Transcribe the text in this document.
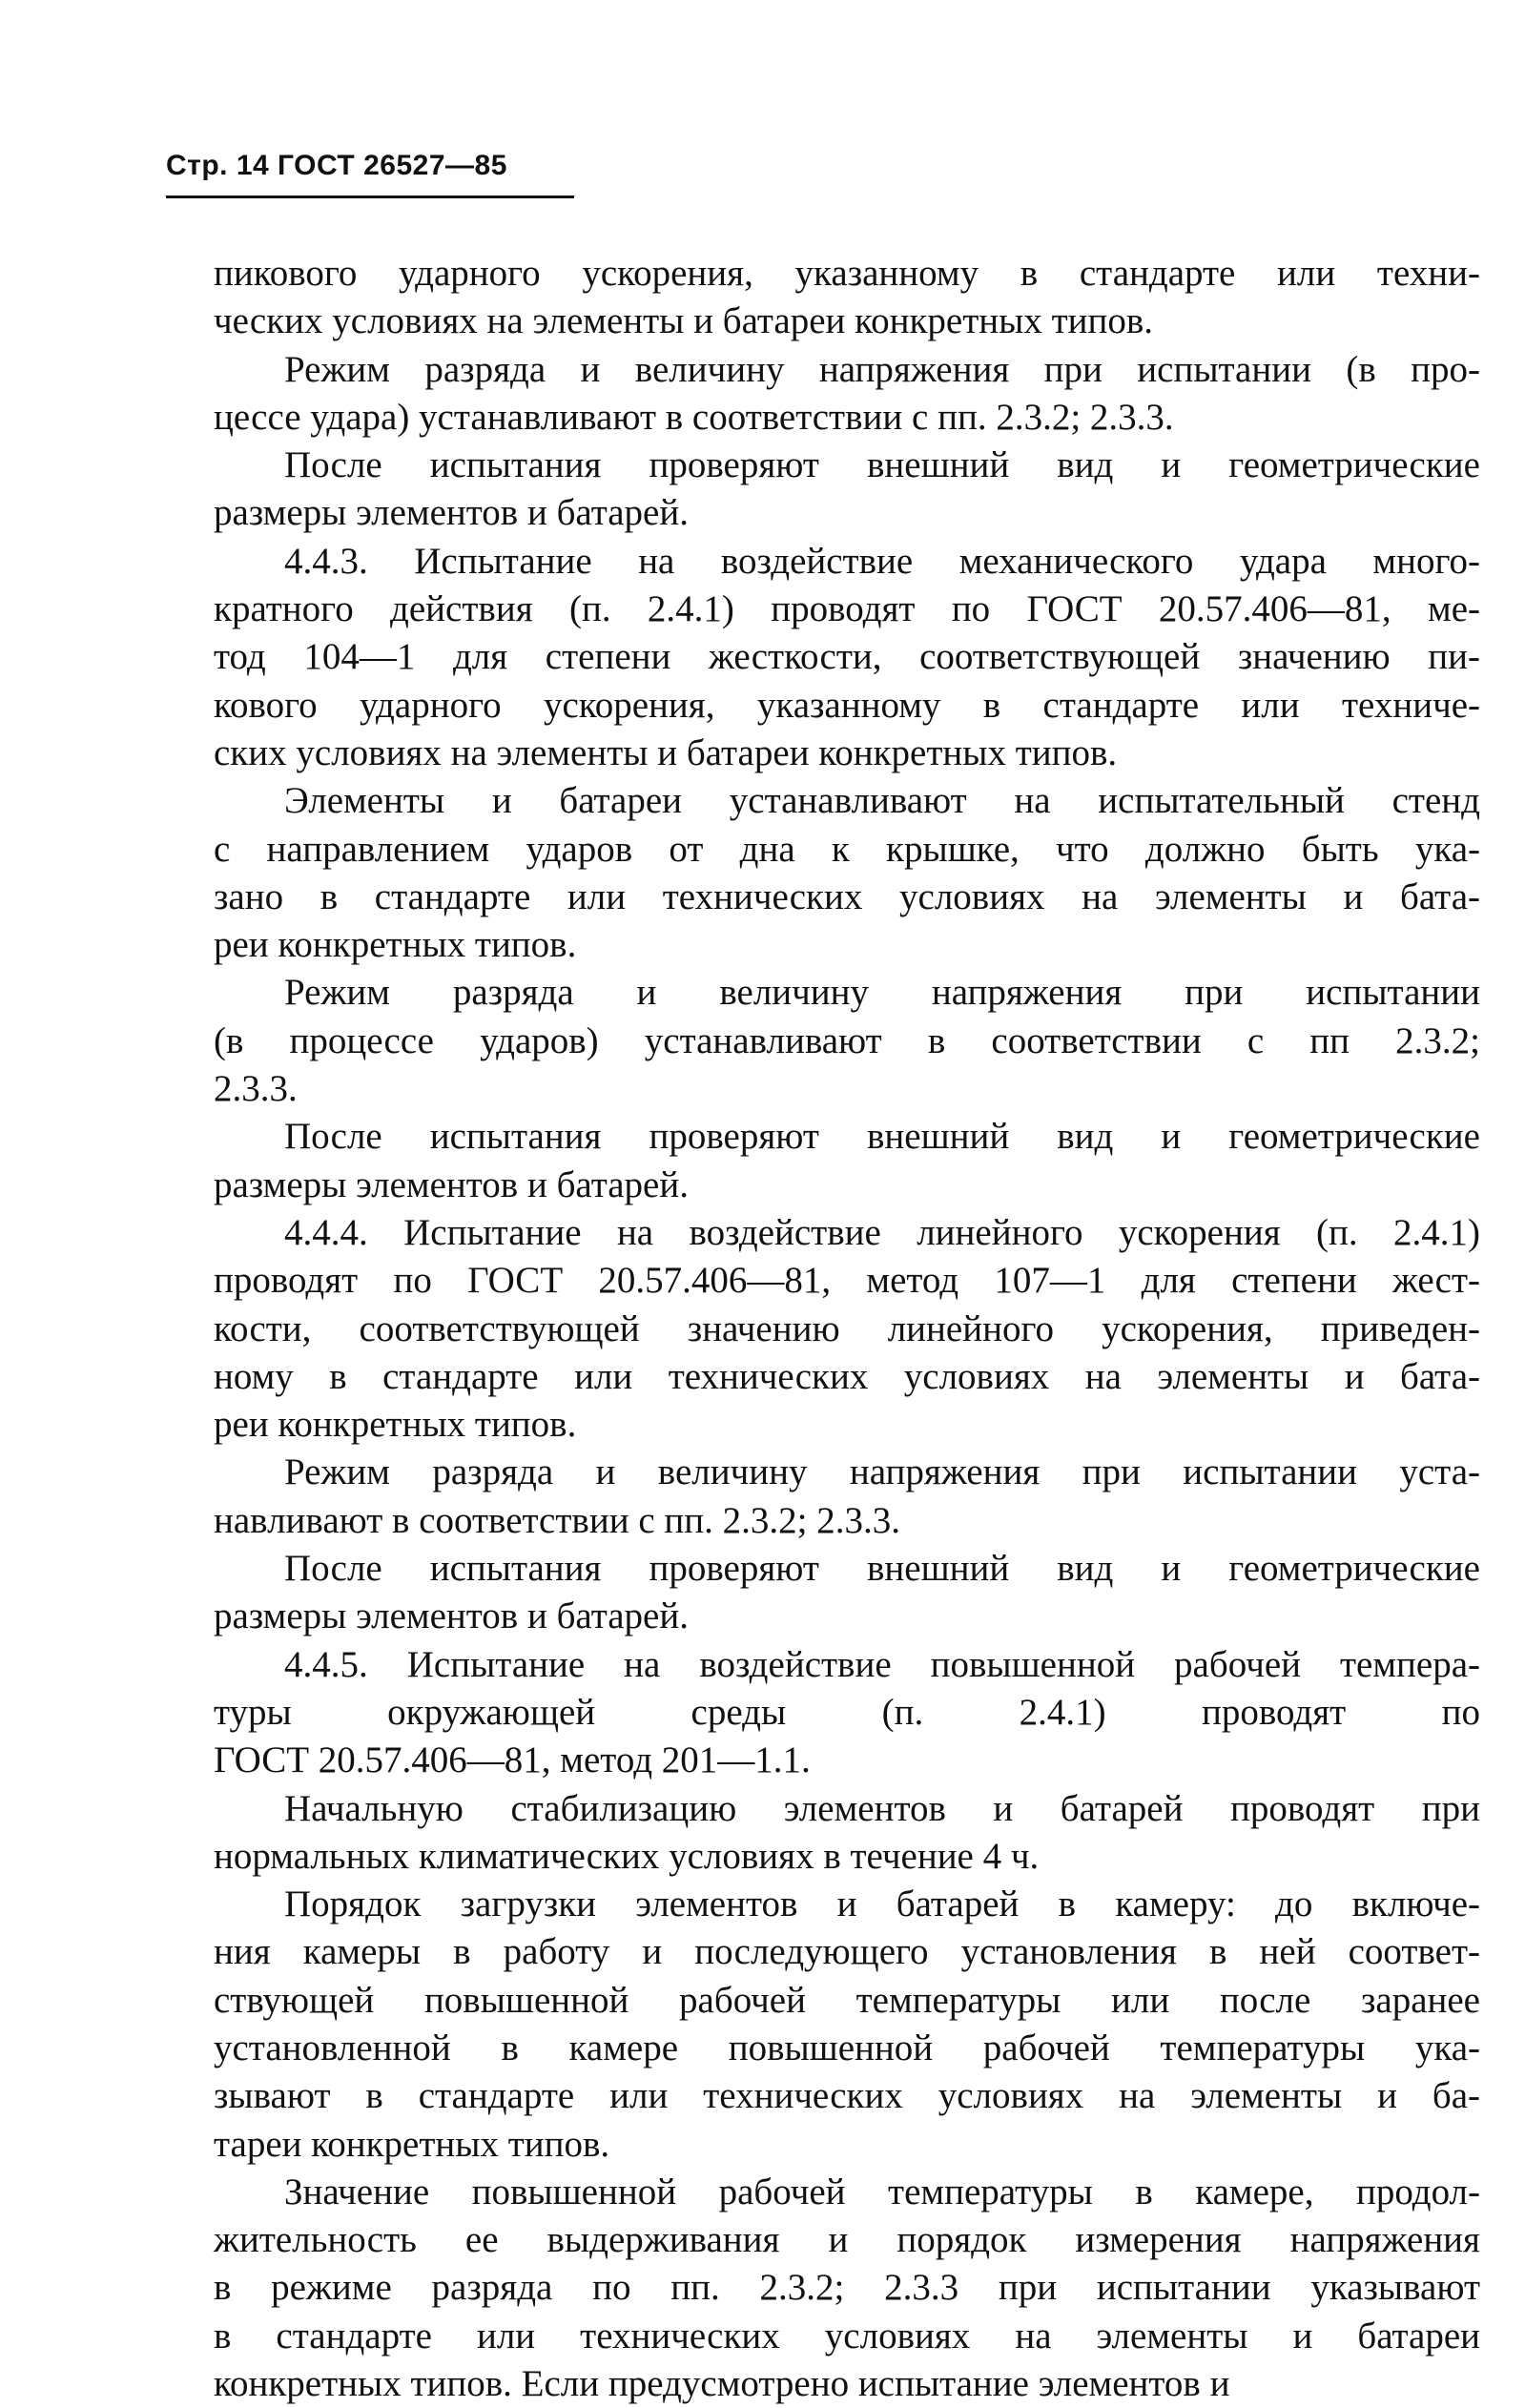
Стр. 14 ГОСТ 26527—85
пикового ударного ускорения, указанному в стандарте или техни-
ческих условиях на элементы и батареи конкретных типов.
Режим разряда и величину напряжения при испытании (в про-
цессе удара) устанавливают в соответствии с пп. 2.3.2; 2.3.3.
После испытания проверяют внешний вид и геометрические
размеры элементов и батарей.
4.4.3. Испытание на воздействие механического удара много-
кратного действия (п. 2.4.1) проводят по ГОСТ 20.57.406—81, ме-
тод 104—1 для степени жесткости, соответствующей значению пи-
кового ударного ускорения, указанному в стандарте или техниче-
ских условиях на элементы и батареи конкретных типов.
Элементы и батареи устанавливают на испытательный стенд
с направлением ударов от дна к крышке, что должно быть ука-
зано в стандарте или технических условиях на элементы и бата-
реи конкретных типов.
Режим разряда и величину напряжения при испытании
(в процессе ударов) устанавливают в соответствии с пп 2.3.2;
2.3.3.
После испытания проверяют внешний вид и геометрические
размеры элементов и батарей.
4.4.4. Испытание на воздействие линейного ускорения (п. 2.4.1)
проводят по ГОСТ 20.57.406—81, метод 107—1 для степени жест-
кости, соответствующей значению линейного ускорения, приведен-
ному в стандарте или технических условиях на элементы и бата-
реи конкретных типов.
Режим разряда и величину напряжения при испытании уста-
навливают в соответствии с пп. 2.3.2; 2.3.3.
После испытания проверяют внешний вид и геометрические
размеры элементов и батарей.
4.4.5. Испытание на воздействие повышенной рабочей темпера-
туры окружающей среды (п. 2.4.1) проводят по
ГОСТ 20.57.406—81, метод 201—1.1.
Начальную стабилизацию элементов и батарей проводят при
нормальных климатических условиях в течение 4 ч.
Порядок загрузки элементов и батарей в камеру: до включе-
ния камеры в работу и последующего установления в ней соответ-
ствующей повышенной рабочей температуры или после заранее
установленной в камере повышенной рабочей температуры ука-
зывают в стандарте или технических условиях на элементы и ба-
тареи конкретных типов.
Значение повышенной рабочей температуры в камере, продол-
жительность ее выдерживания и порядок измерения напряжения
в режиме разряда по пп. 2.3.2; 2.3.3 при испытании указывают
в стандарте или технических условиях на элементы и батареи
конкретных типов. Если предусмотрено испытание элементов и
